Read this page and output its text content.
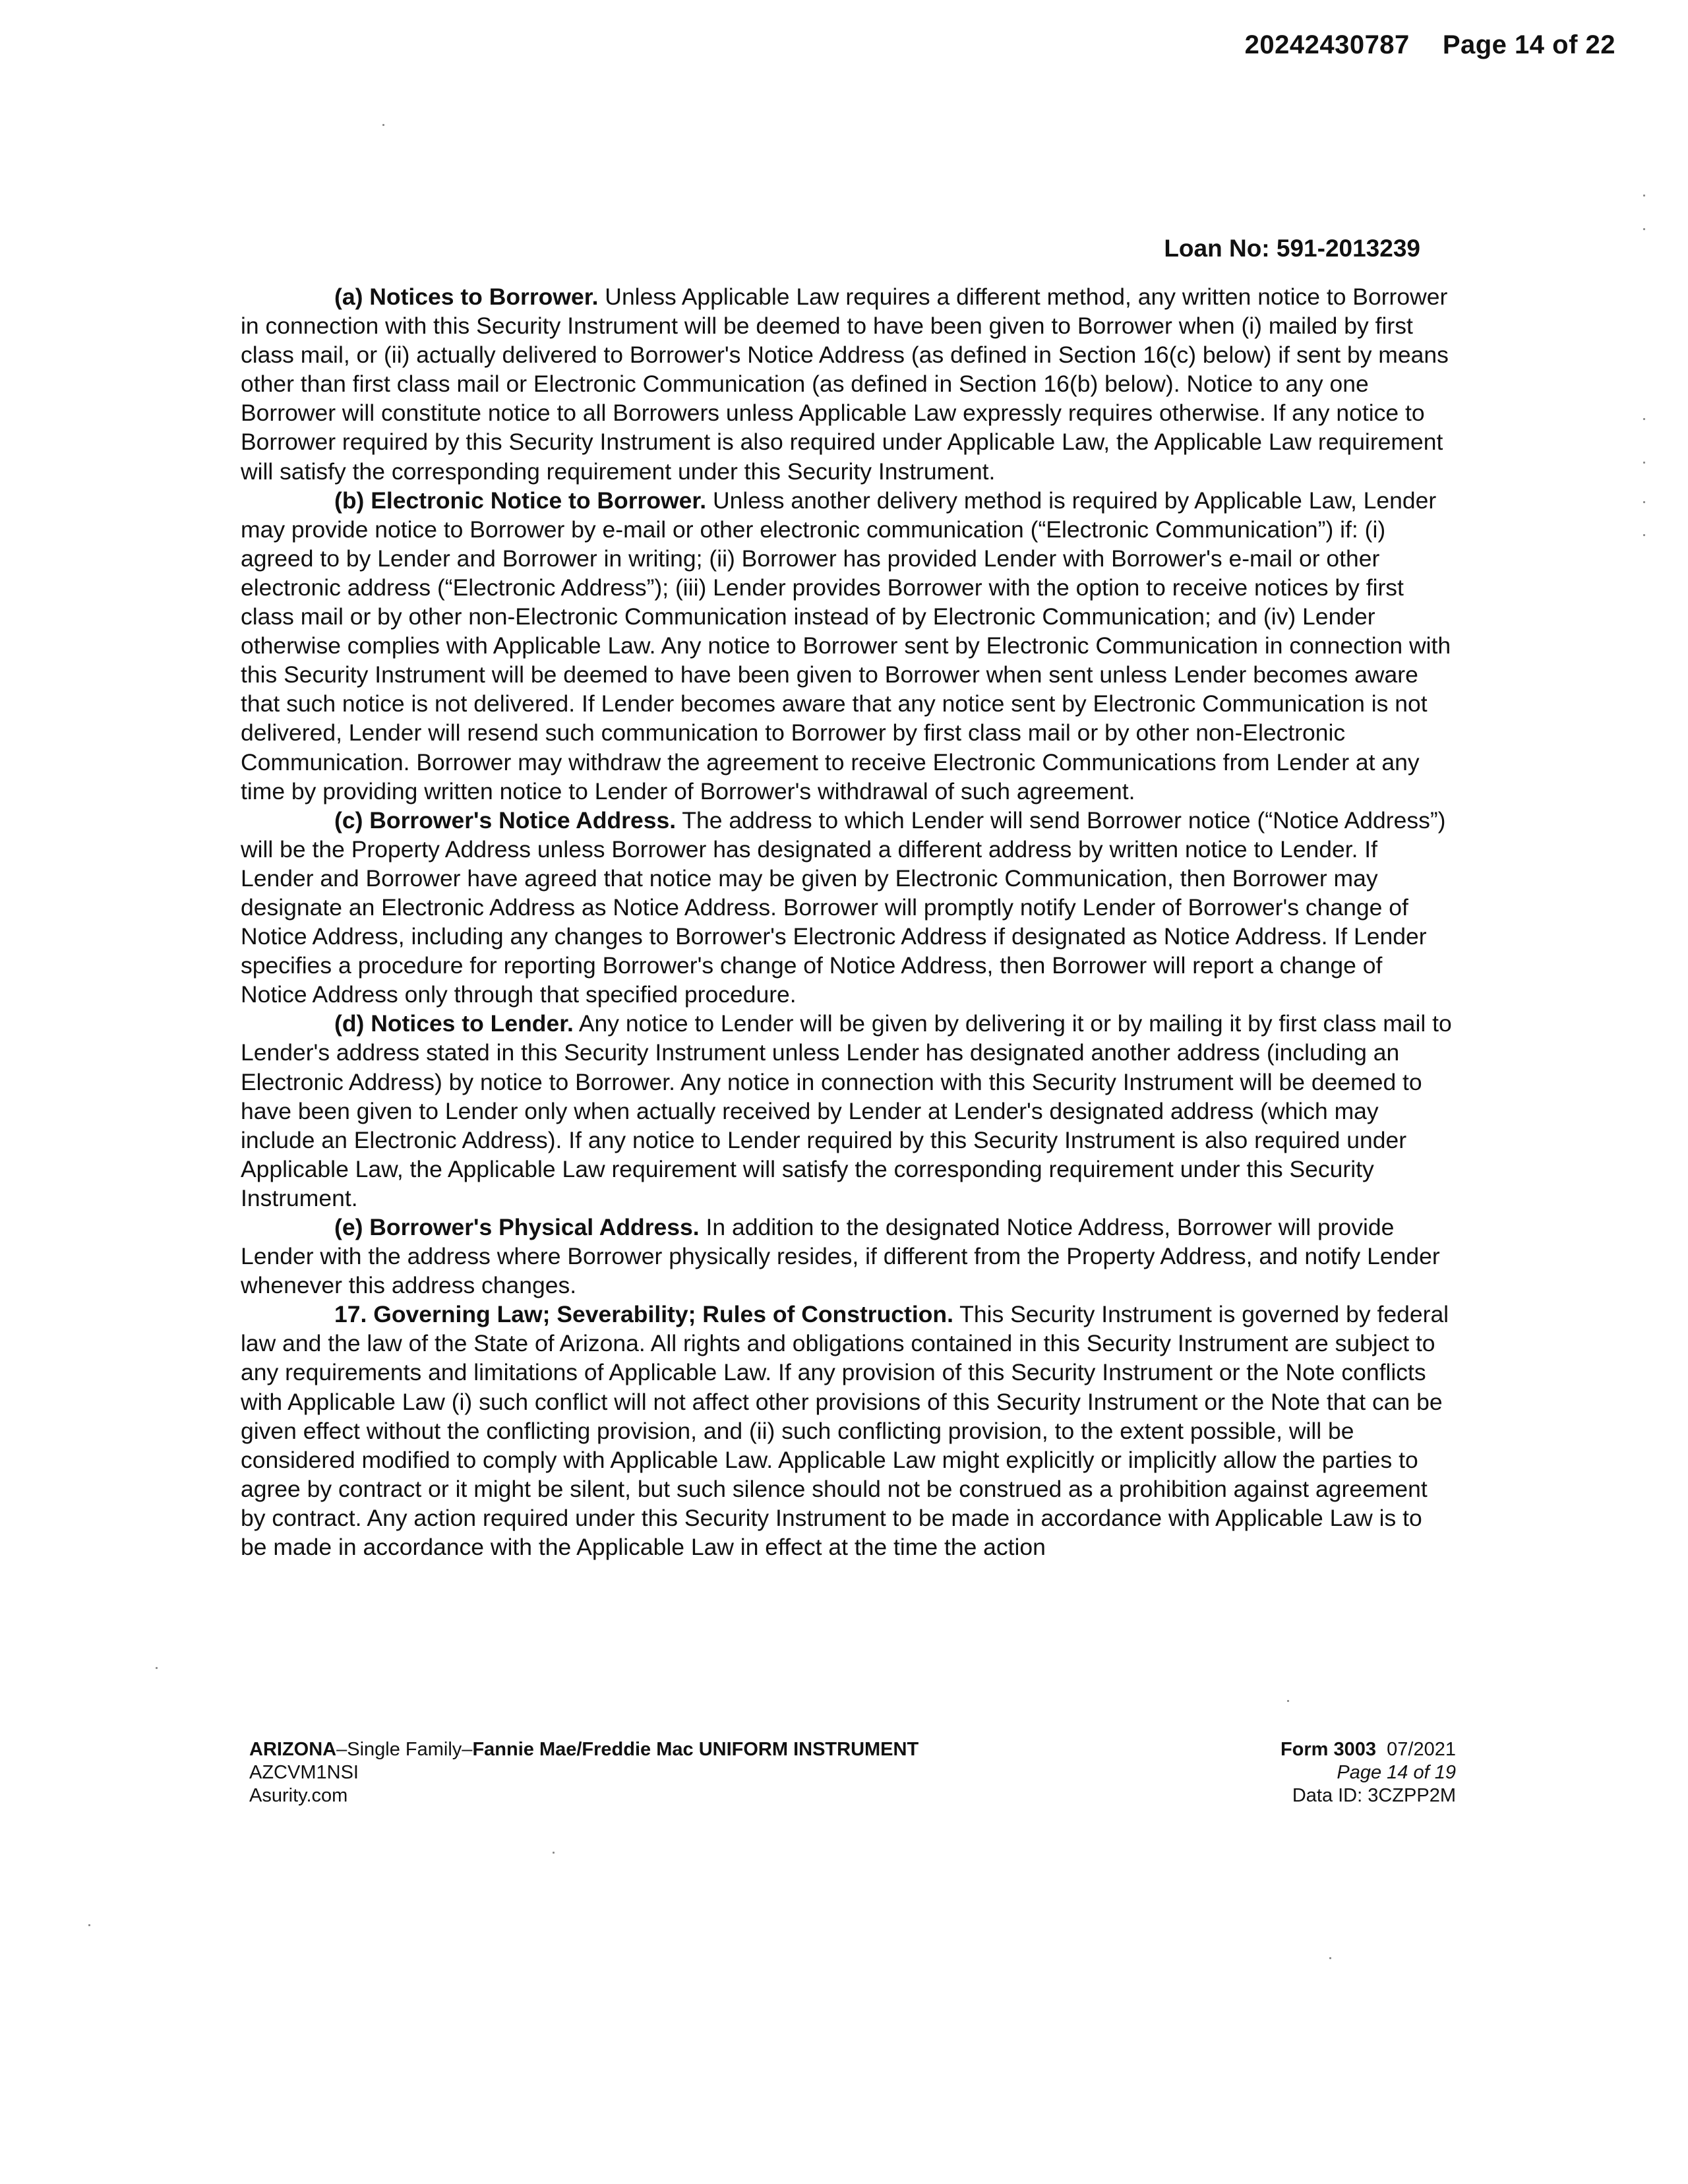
20242430787 Page 14 of 22
Loan No: 591-2013239

(a) Notices to Borrower. Unless Applicable Law requires a different method, any written notice to Borrower in connection with this Security Instrument will be deemed to have been given to Borrower when (i) mailed by first class mail, or (ii) actually delivered to Borrower's Notice Address (as defined in Section 16(c) below) if sent by means other than first class mail or Electronic Communication (as defined in Section 16(b) below). Notice to any one Borrower will constitute notice to all Borrowers unless Applicable Law expressly requires otherwise. If any notice to Borrower required by this Security Instrument is also required under Applicable Law, the Applicable Law requirement will satisfy the corresponding requirement under this Security Instrument.

(b) Electronic Notice to Borrower. Unless another delivery method is required by Applicable Law, Lender may provide notice to Borrower by e-mail or other electronic communication (“Electronic Communication”) if: (i) agreed to by Lender and Borrower in writing; (ii) Borrower has provided Lender with Borrower's e-mail or other electronic address (“Electronic Address”); (iii) Lender provides Borrower with the option to receive notices by first class mail or by other non-Electronic Communication instead of by Electronic Communication; and (iv) Lender otherwise complies with Applicable Law. Any notice to Borrower sent by Electronic Communication in connection with this Security Instrument will be deemed to have been given to Borrower when sent unless Lender becomes aware that such notice is not delivered. If Lender becomes aware that any notice sent by Electronic Communication is not delivered, Lender will resend such communication to Borrower by first class mail or by other non-Electronic Communication. Borrower may withdraw the agreement to receive Electronic Communications from Lender at any time by providing written notice to Lender of Borrower's withdrawal of such agreement.

(c) Borrower's Notice Address. The address to which Lender will send Borrower notice (“Notice Address”) will be the Property Address unless Borrower has designated a different address by written notice to Lender. If Lender and Borrower have agreed that notice may be given by Electronic Communication, then Borrower may designate an Electronic Address as Notice Address. Borrower will promptly notify Lender of Borrower's change of Notice Address, including any changes to Borrower's Electronic Address if designated as Notice Address. If Lender specifies a procedure for reporting Borrower's change of Notice Address, then Borrower will report a change of Notice Address only through that specified procedure.

(d) Notices to Lender. Any notice to Lender will be given by delivering it or by mailing it by first class mail to Lender's address stated in this Security Instrument unless Lender has designated another address (including an Electronic Address) by notice to Borrower. Any notice in connection with this Security Instrument will be deemed to have been given to Lender only when actually received by Lender at Lender's designated address (which may include an Electronic Address). If any notice to Lender required by this Security Instrument is also required under Applicable Law, the Applicable Law requirement will satisfy the corresponding requirement under this Security Instrument.

(e) Borrower's Physical Address. In addition to the designated Notice Address, Borrower will provide Lender with the address where Borrower physically resides, if different from the Property Address, and notify Lender whenever this address changes.

17. Governing Law; Severability; Rules of Construction. This Security Instrument is governed by federal law and the law of the State of Arizona. All rights and obligations contained in this Security Instrument are subject to any requirements and limitations of Applicable Law. If any provision of this Security Instrument or the Note conflicts with Applicable Law (i) such conflict will not affect other provisions of this Security Instrument or the Note that can be given effect without the conflicting provision, and (ii) such conflicting provision, to the extent possible, will be considered modified to comply with Applicable Law. Applicable Law might explicitly or implicitly allow the parties to agree by contract or it might be silent, but such silence should not be construed as a prohibition against agreement by contract. Any action required under this Security Instrument to be made in accordance with Applicable Law is to be made in accordance with the Applicable Law in effect at the time the action

ARIZONA–Single Family–Fannie Mae/Freddie Mac UNIFORM INSTRUMENT
AZCVM1NSI
Asurity.com
Form 3003 07/2021
Page 14 of 19
Data ID: 3CZPP2M
